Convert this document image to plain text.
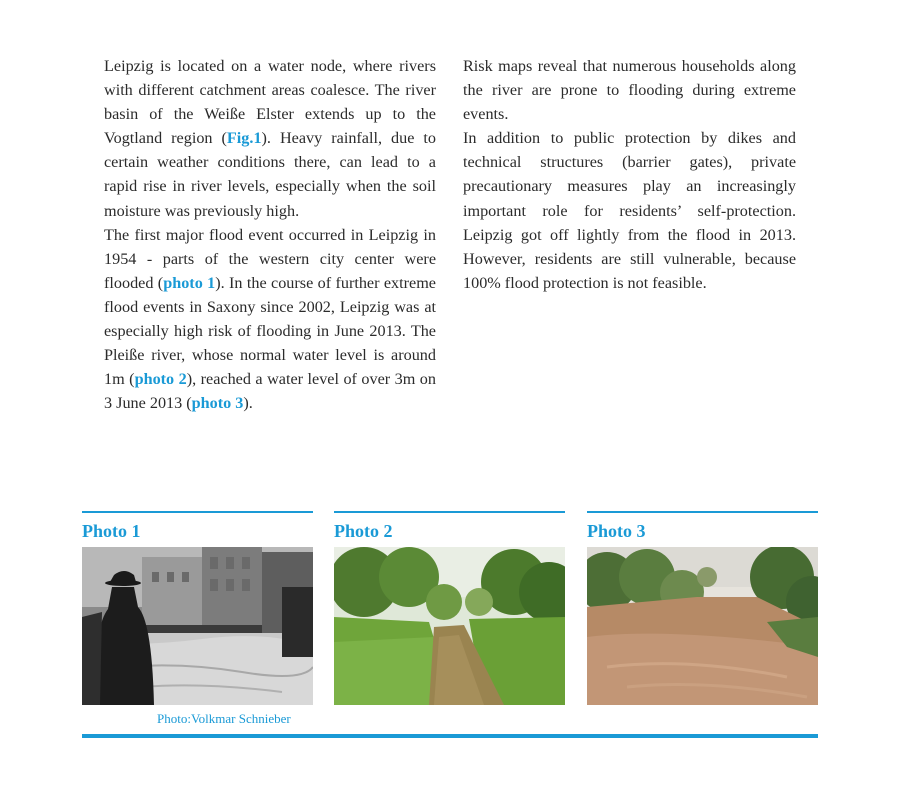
Leipzig is located on a water node, where rivers with different catchment areas coalesce. The river basin of the Weiße Elster extends up to the Vogtland region (Fig.1). Heavy rainfall, due to certain weather conditions there, can lead to a rapid rise in river levels, especially when the soil moisture was previously high.

The first major flood event occurred in Leipzig in 1954 - parts of the western city center were flooded (photo 1). In the course of further extreme flood events in Saxony since 2002, Leipzig was at especially high risk of flooding in June 2013. The Pleiße river, whose normal water level is around 1m (photo 2), reached a water level of over 3m on 3 June 2013 (photo 3).

Risk maps reveal that numerous households along the river are prone to flooding during extreme events.

In addition to public protection by dikes and technical structures (barrier gates), private precautionary measures play an increasingly important role for residents’ self-protection. Leipzig got off lightly from the flood in 2013. However, residents are still vulnerable, because 100% flood protection is not feasible.

Photo 1	Photo 2	Photo 3
Photo:Volkmar Schnieber
